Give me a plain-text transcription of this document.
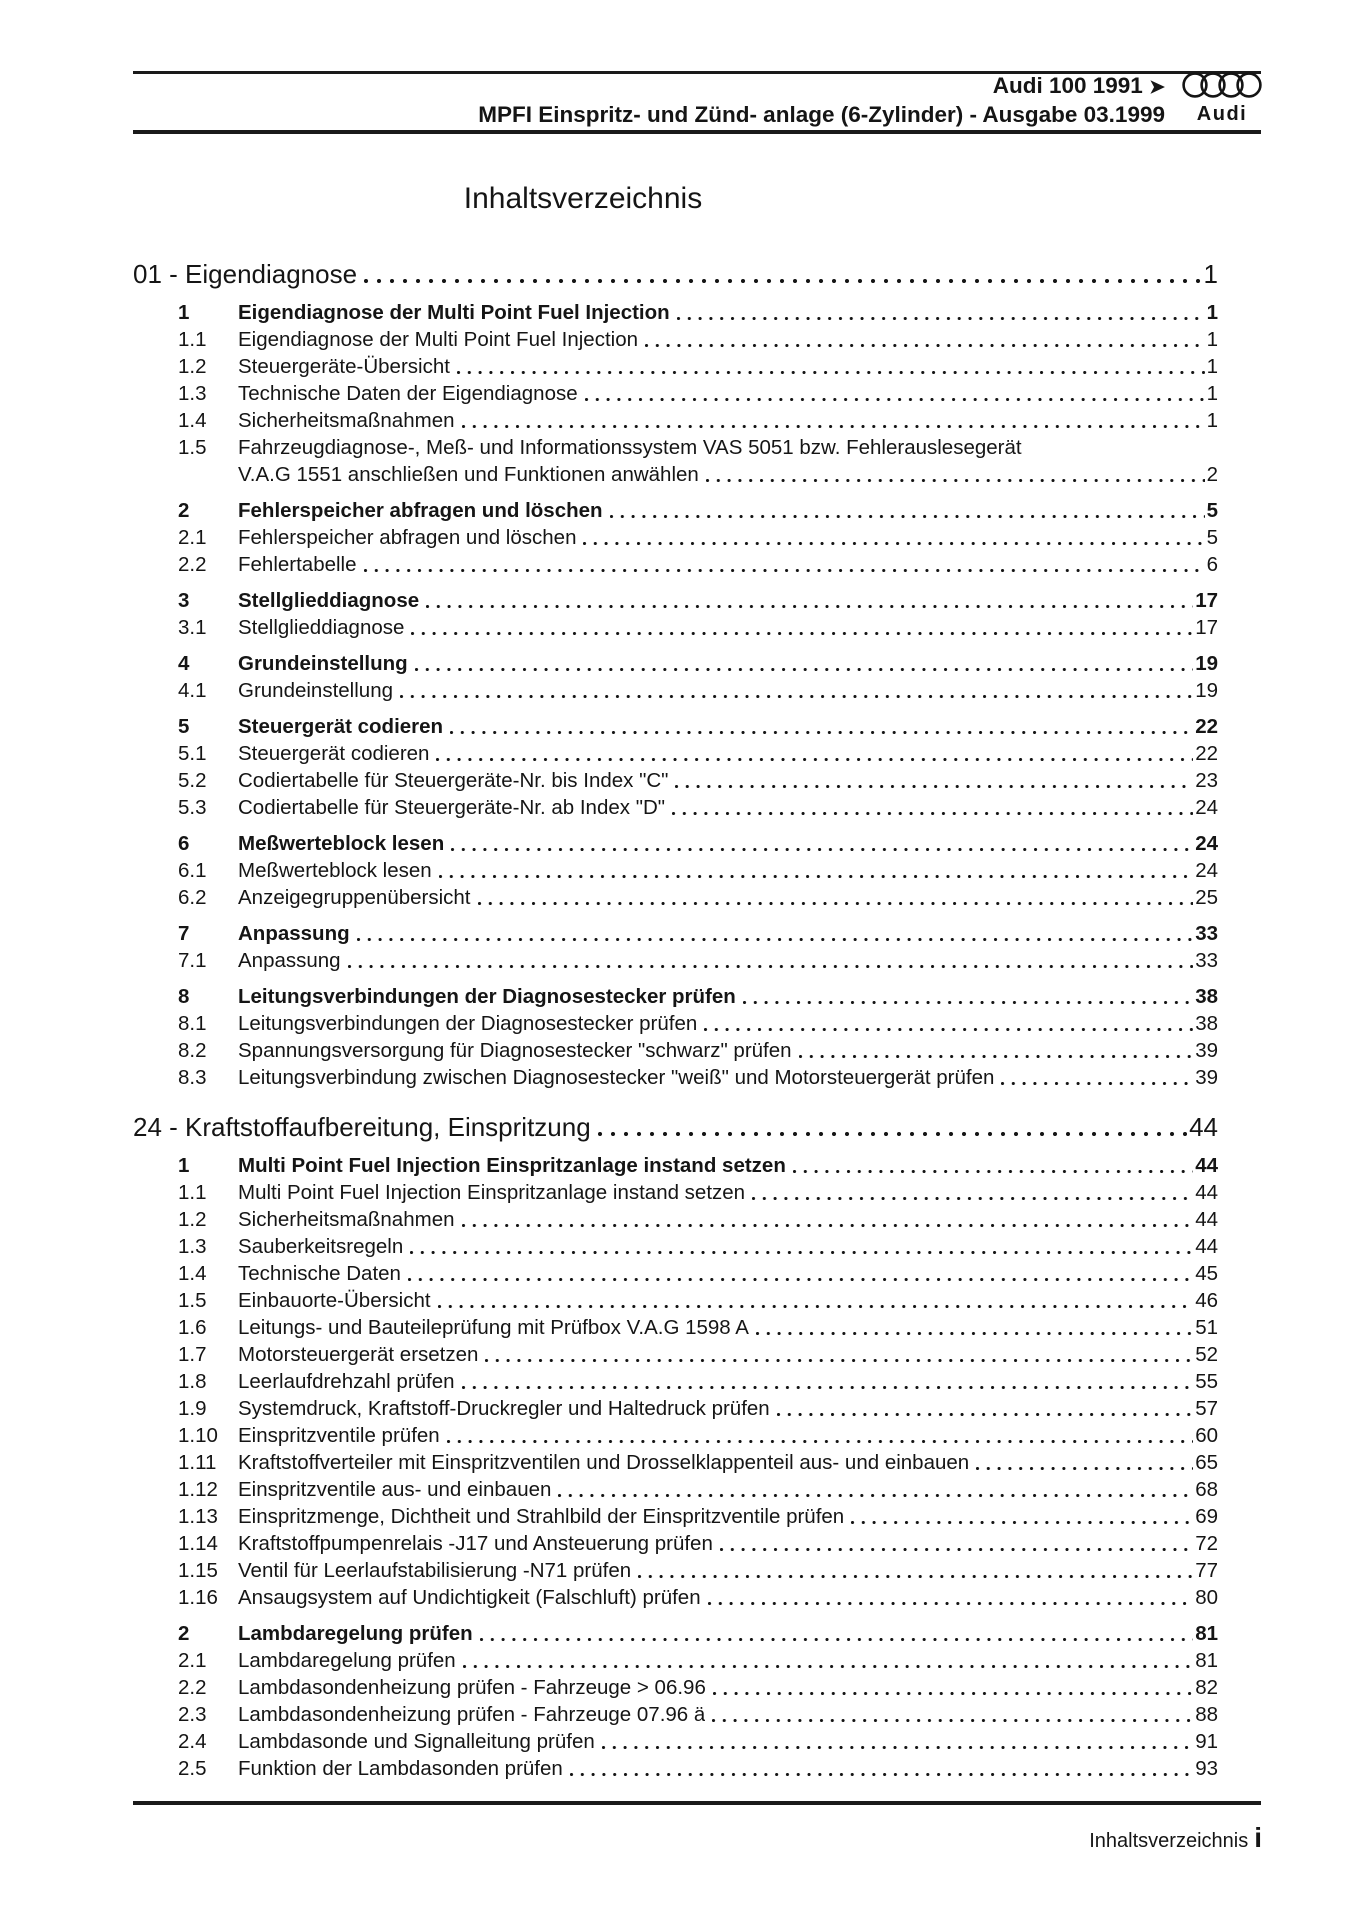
Audi 100 1991 ➤
MPFI Einspritz- und Zünd- anlage (6-Zylinder) - Ausgabe 03.1999	Audi
Inhaltsverzeichnis
01 - Eigendiagnose	1
1	Eigendiagnose der Multi Point Fuel Injection	1
1.1	Eigendiagnose der Multi Point Fuel Injection	1
1.2	Steuergeräte-Übersicht	1
1.3	Technische Daten der Eigendiagnose	1
1.4	Sicherheitsmaßnahmen	1
1.5	Fahrzeugdiagnose-, Meß- und Informationssystem VAS 5051 bzw. Fehlerauslesegerät
V.A.G 1551 anschließen und Funktionen anwählen	2
2	Fehlerspeicher abfragen und löschen	5
2.1	Fehlerspeicher abfragen und löschen	5
2.2	Fehlertabelle	6
3	Stellglieddiagnose	17
3.1	Stellglieddiagnose	17
4	Grundeinstellung	19
4.1	Grundeinstellung	19
5	Steuergerät codieren	22
5.1	Steuergerät codieren	22
5.2	Codiertabelle für Steuergeräte-Nr. bis Index "C"	23
5.3	Codiertabelle für Steuergeräte-Nr. ab Index "D"	24
6	Meßwerteblock lesen	24
6.1	Meßwerteblock lesen	24
6.2	Anzeigegruppenübersicht	25
7	Anpassung	33
7.1	Anpassung	33
8	Leitungsverbindungen der Diagnosestecker prüfen	38
8.1	Leitungsverbindungen der Diagnosestecker prüfen	38
8.2	Spannungsversorgung für Diagnosestecker "schwarz" prüfen	39
8.3	Leitungsverbindung zwischen Diagnosestecker "weiß" und Motorsteuergerät prüfen	39
24 - Kraftstoffaufbereitung, Einspritzung	44
1	Multi Point Fuel Injection Einspritzanlage instand setzen	44
1.1	Multi Point Fuel Injection Einspritzanlage instand setzen	44
1.2	Sicherheitsmaßnahmen	44
1.3	Sauberkeitsregeln	44
1.4	Technische Daten	45
1.5	Einbauorte-Übersicht	46
1.6	Leitungs- und Bauteileprüfung mit Prüfbox V.A.G 1598 A	51
1.7	Motorsteuergerät ersetzen	52
1.8	Leerlaufdrehzahl prüfen	55
1.9	Systemdruck, Kraftstoff-Druckregler und Haltedruck prüfen	57
1.10 Einspritzventile prüfen	60
1.11	Kraftstoffverteiler mit Einspritzventilen und Drosselklappenteil aus- und einbauen	65
1.12 Einspritzventile aus- und einbauen	68
1.13 Einspritzmenge, Dichtheit und Strahlbild der Einspritzventile prüfen	69
1.14 Kraftstoffpumpenrelais -J17 und Ansteuerung prüfen	72
1.15 Ventil für Leerlaufstabilisierung -N71 prüfen	77
1.16 Ansaugsystem auf Undichtigkeit (Falschluft) prüfen	80
2	Lambdaregelung prüfen	81
2.1	Lambdaregelung prüfen	81
2.2	Lambdasondenheizung prüfen - Fahrzeuge > 06.96	82
2.3	Lambdasondenheizung prüfen - Fahrzeuge 07.96 ä	88
2.4	Lambdasonde und Signalleitung prüfen	91
2.5	Funktion der Lambdasonden prüfen	93
Inhaltsverzeichnis i
